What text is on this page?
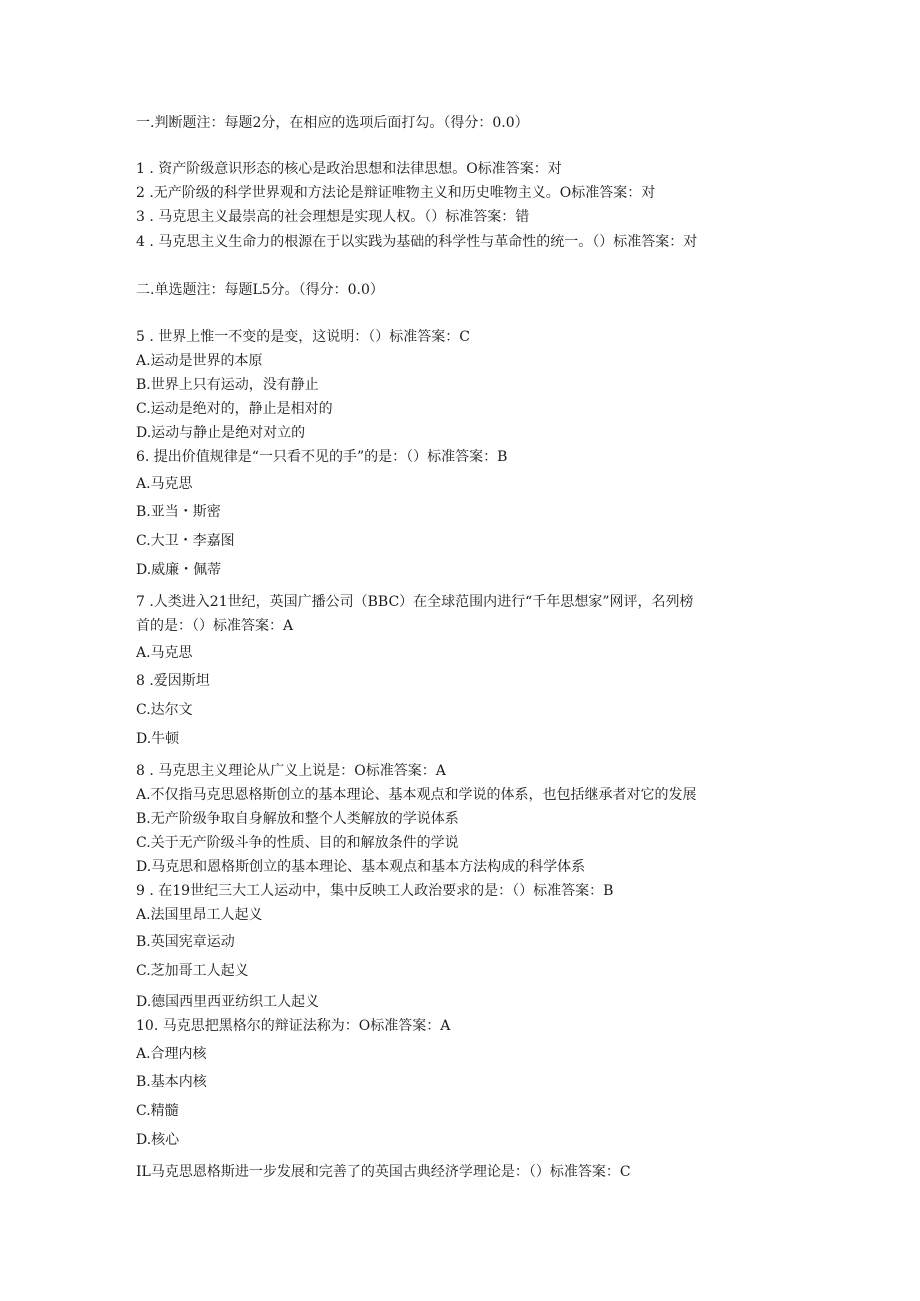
一.判断题注：每题2分，在相应的选项后面打勾。（得分：0.0）
1 . 资产阶级意识形态的核心是政治思想和法律思想。O标准答案：对
2 .无产阶级的科学世界观和方法论是辩证唯物主义和历史唯物主义。O标准答案：对
3 . 马克思主义最崇高的社会理想是实现人权。（）标准答案：错
4 . 马克思主义生命力的根源在于以实践为基础的科学性与革命性的统一。（）标准答案：对
二.单选题注：每题L5分。（得分：0.0）
5 . 世界上惟一不变的是变，这说明：（）标准答案：C
A.运动是世界的本原
B.世界上只有运动，没有静止
C.运动是绝对的，静止是相对的
D.运动与静止是绝对对立的
6. 提出价值规律是“一只看不见的手”的是：（）标准答案：B
A.马克思
B.亚当・斯密
C.大卫・李嘉图
D.威廉・佩蒂
7 .人类进入21世纪，英国广播公司（BBC）在全球范围内进行“千年思想家”网评，名列榜
首的是：（）标准答案：A
A.马克思
8 .爱因斯坦
C.达尔文
D.牛顿
8 . 马克思主义理论从广义上说是：O标准答案：A
A.不仅指马克思恩格斯创立的基本理论、基本观点和学说的体系，也包括继承者对它的发展
B.无产阶级争取自身解放和整个人类解放的学说体系
C.关于无产阶级斗争的性质、目的和解放条件的学说
D.马克思和恩格斯创立的基本理论、基本观点和基本方法构成的科学体系
9 . 在19世纪三大工人运动中，集中反映工人政治要求的是：（）标准答案：B
A.法国里昂工人起义
B.英国宪章运动
C.芝加哥工人起义
D.德国西里西亚纺织工人起义
10. 马克思把黑格尔的辩证法称为：O标准答案：A
A.合理内核
B.基本内核
C.精髓
D.核心
IL马克思恩格斯进一步发展和完善了的英国古典经济学理论是：（）标准答案：C
